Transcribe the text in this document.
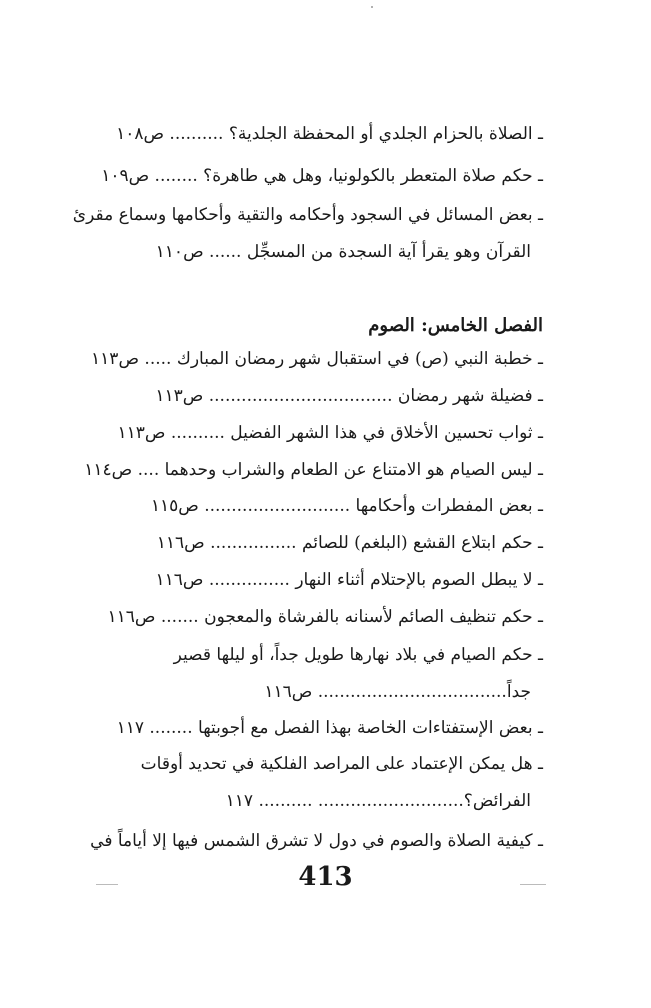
ـ الصلاة بالحزام الجلدي أو المحفظة الجلدية؟ .......... ص١٠٨
ـ حكم صلاة المتعطر بالكولونيا، وهل هي طاهرة؟ ........ ص١٠٩
ـ بعض المسائل في السجود وأحكامه والتقية وأحكامها وسماع مقرئ
القرآن وهو يقرأ آية السجدة من المسجِّل ...... ص١١٠
الفصل الخامس: الصوم
ـ خطبة النبي (ص) في استقبال شهر رمضان المبارك ..... ص١١٣
ـ فضيلة شهر رمضان .................................. ص١١٣
ـ ثواب تحسين الأخلاق في هذا الشهر الفضيل .......... ص١١٣
ـ ليس الصيام هو الامتناع عن الطعام والشراب وحدهما .... ص١١٤
ـ بعض المفطرات وأحكامها ........................... ص١١٥
ـ حكم ابتلاع القشع (البلغم) للصائم ................ ص١١٦
ـ لا يبطل الصوم بالإحتلام أثناء النهار ............... ص١١٦
ـ حكم تنظيف الصائم لأسنانه بالفرشاة والمعجون ....... ص١١٦
ـ حكم الصيام في بلاد نهارها طويل جداً، أو ليلها قصير
جداً................................... ص١١٦
ـ بعض الإستفتاءات الخاصة بهذا الفصل مع أجوبتها ........ ١١٧
ـ هل يمكن الإعتماد على المراصد الفلكية في تحديد أوقات
الفرائض؟........................... .......... ١١٧
ـ كيفية الصلاة والصوم في دول لا تشرق الشمس فيها إلا أياماً في
413
